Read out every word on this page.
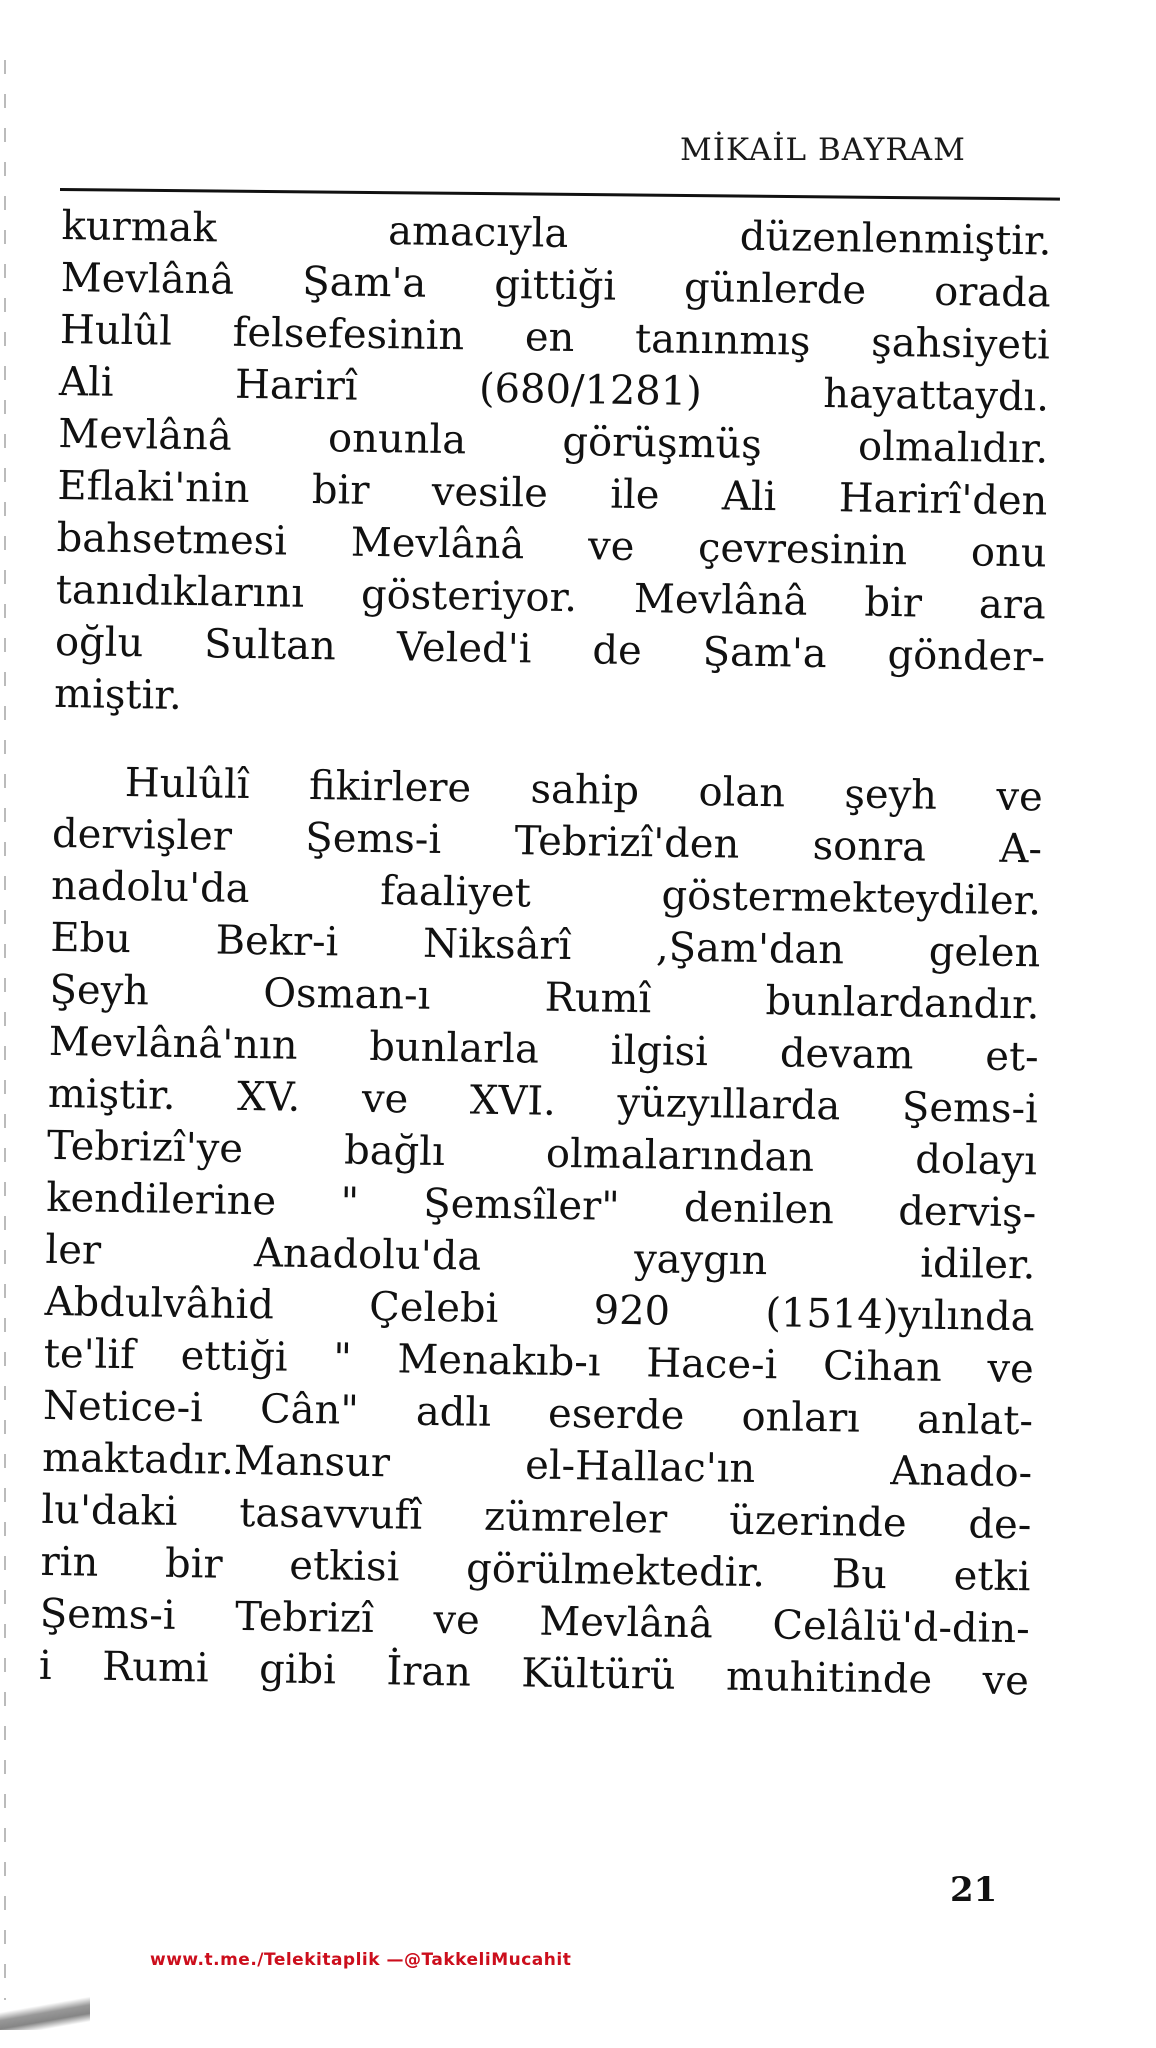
MİKAİL BAYRAM
kurmak amacıyla düzenlenmiştir.
Mevlânâ Şam'a gittiği günlerde orada
Hulûl felsefesinin en tanınmış şahsiyeti
Ali Harirî (680/1281) hayattaydı.
Mevlânâ onunla görüşmüş olmalıdır.
Eflaki'nin bir vesile ile Ali Harirî'den
bahsetmesi Mevlânâ ve çevresinin onu
tanıdıklarını gösteriyor. Mevlânâ bir ara
oğlu Sultan Veled'i de Şam'a gönder-
miştir.
Hulûlî fikirlere sahip olan şeyh ve
dervişler Şems-i Tebrizî'den sonra A-
nadolu'da faaliyet göstermekteydiler.
Ebu Bekr-i Niksârî ,Şam'dan gelen
Şeyh Osman-ı Rumî bunlardandır.
Mevlânâ'nın bunlarla ilgisi devam et-
miştir. XV. ve XVI. yüzyıllarda Şems-i
Tebrizî'ye bağlı olmalarından dolayı
kendilerine " Şemsîler" denilen derviş-
ler Anadolu'da yaygın idiler.
Abdulvâhid Çelebi 920 (1514)yılında
te'lif ettiği " Menakıb-ı Hace-i Cihan ve
Netice-i Cân" adlı eserde onları anlat-
maktadır.Mansur el-Hallac'ın Anado-
lu'daki tasavvufî zümreler üzerinde de-
rin bir etkisi görülmektedir. Bu etki
Şems-i Tebrizî ve Mevlânâ Celâlü'd-din-
i Rumi gibi İran Kültürü muhitinde ve
21
www.t.me./Telekitaplik —@TakkeliMucahit
